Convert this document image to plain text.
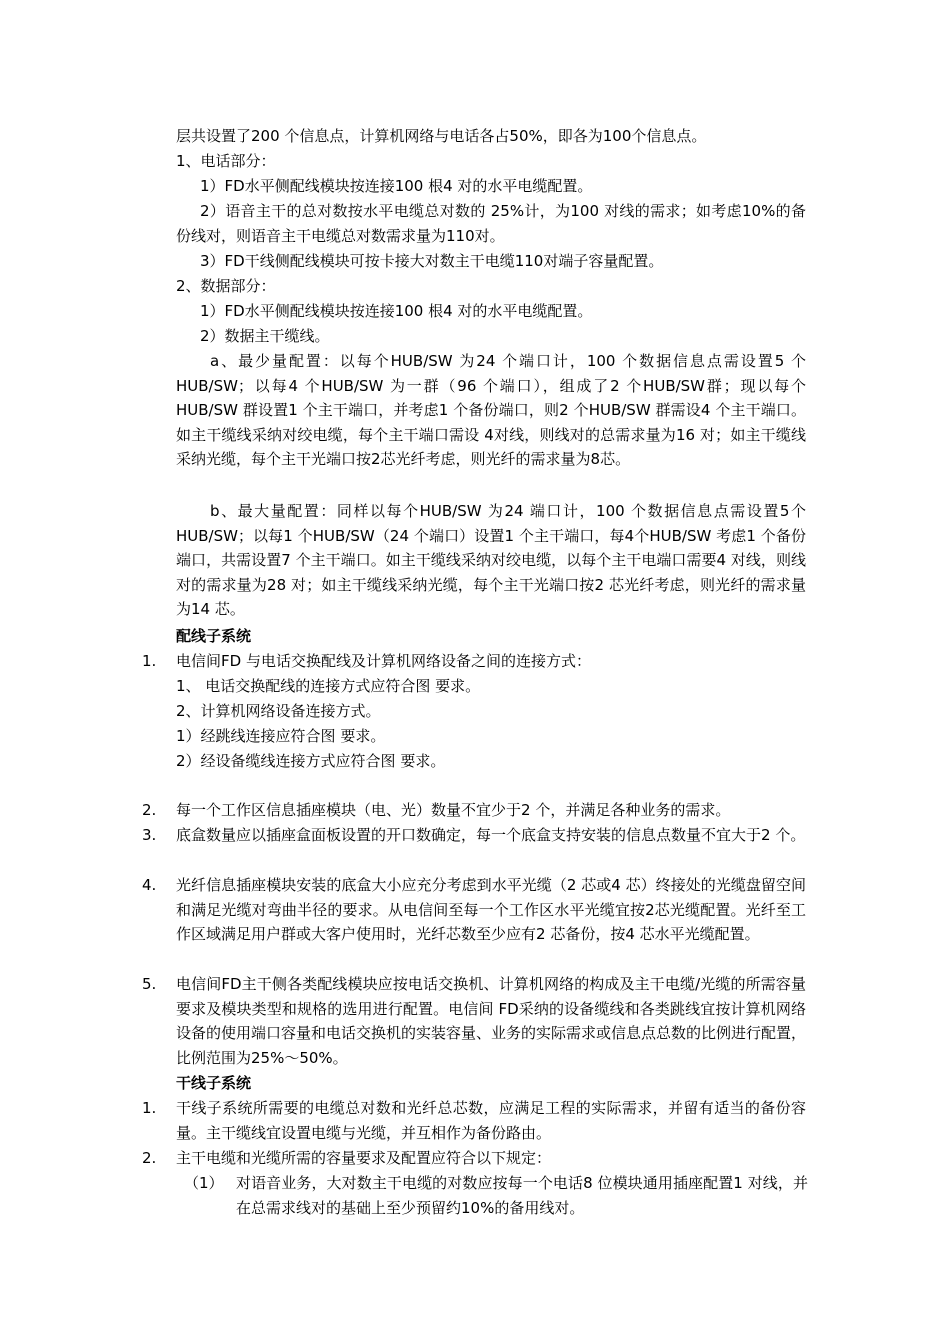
层共设置了200 个信息点，计算机网络与电话各占50%，即各为100个信息点。

1、电话部分：

1）FD水平侧配线模块按连接100 根4 对的水平电缆配置。

2）语音主干的总对数按水平电缆总对数的 25%计，为100 对线的需求；如考虑10%的备份线对，则语音主干电缆总对数需求量为110对。

3）FD干线侧配线模块可按卡接大对数主干电缆110对端子容量配置。

2、数据部分：

1）FD水平侧配线模块按连接100 根4 对的水平电缆配置。

2）数据主干缆线。

a、最少量配置：以每个HUB/SW 为24 个端口计，100 个数据信息点需设置5 个HUB/SW；以每4 个HUB/SW 为一群（96 个端口），组成了2 个HUB/SW群；现以每个HUB/SW 群设置1 个主干端口，并考虑1 个备份端口，则2 个HUB/SW 群需设4 个主干端口。如主干缆线采纳对绞电缆，每个主干端口需设 4对线，则线对的总需求量为16 对；如主干缆线采纳光缆，每个主干光端口按2芯光纤考虑，则光纤的需求量为8芯。

b、最大量配置：同样以每个HUB/SW 为24 端口计，100 个数据信息点需设置5个HUB/SW；以每1 个HUB/SW（24 个端口）设置1 个主干端口，每4个HUB/SW 考虑1 个备份端口，共需设置7 个主干端口。如主干缆线采纳对绞电缆，以每个主干电端口需要4 对线，则线对的需求量为28 对；如主干缆线采纳光缆，每个主干光端口按2 芯光纤考虑，则光纤的需求量为14 芯。

配线子系统
1. 电信间FD 与电话交换配线及计算机网络设备之间的连接方式：

1、 电话交换配线的连接方式应符合图 要求。

2、计算机网络设备连接方式。

1）经跳线连接应符合图 要求。

2）经设备缆线连接方式应符合图 要求。

2. 每一个工作区信息插座模块（电、光）数量不宜少于2 个，并满足各种业务的需求。

3. 底盒数量应以插座盒面板设置的开口数确定，每一个底盒支持安装的信息点数量不宜大于2 个。

4. 光纤信息插座模块安装的底盒大小应充分考虑到水平光缆（2 芯或4 芯）终接处的光缆盘留空间和满足光缆对弯曲半径的要求。从电信间至每一个工作区水平光缆宜按2芯光缆配置。光纤至工作区域满足用户群或大客户使用时，光纤芯数至少应有2 芯备份，按4 芯水平光缆配置。

5. 电信间FD主干侧各类配线模块应按电话交换机、计算机网络的构成及主干电缆/光缆的所需容量要求及模块类型和规格的选用进行配置。电信间 FD采纳的设备缆线和各类跳线宜按计算机网络设备的使用端口容量和电话交换机的实装容量、业务的实际需求或信息点总数的比例进行配置，比例范围为25%～50%。

干线子系统
1. 干线子系统所需要的电缆总对数和光纤总芯数，应满足工程的实际需求，并留有适当的备份容量。主干缆线宜设置电缆与光缆，并互相作为备份路由。

2. 主干电缆和光缆所需的容量要求及配置应符合以下规定：

（1） 对语音业务，大对数主干电缆的对数应按每一个电话8 位模块通用插座配置1 对线，并在总需求线对的基础上至少预留约10%的备用线对。
